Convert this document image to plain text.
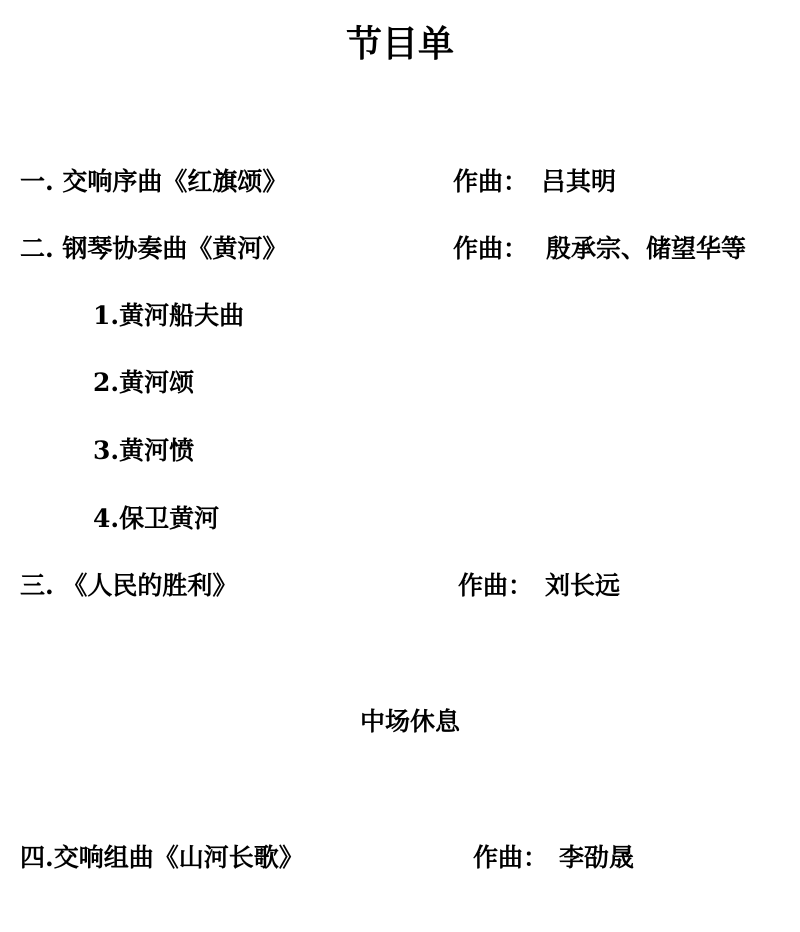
节目单
一. 交响序曲《红旗颂》	作曲： 吕其明
二. 钢琴协奏曲《黄河》	作曲： 殷承宗、储望华等
1.黄河船夫曲
2.黄河颂
3.黄河愤
4.保卫黄河
三. 《人民的胜利》	作曲： 刘长远
中场休息
四.交响组曲《山河长歌》	作曲： 李劭晟
